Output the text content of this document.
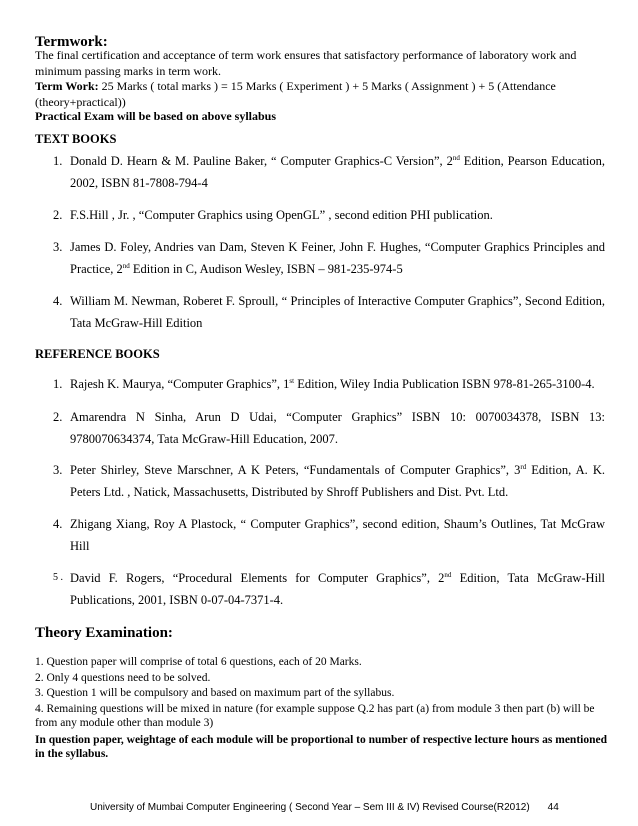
Termwork:
The final certification and acceptance of term work ensures that satisfactory performance of laboratory work and minimum passing marks in term work.
Term Work: 25 Marks ( total marks ) = 15 Marks ( Experiment ) + 5 Marks ( Assignment ) + 5 (Attendance (theory+practical))
Practical Exam will be based on above syllabus
TEXT BOOKS
1. Donald D. Hearn & M. Pauline Baker, “ Computer Graphics-C Version”, 2nd Edition, Pearson Education, 2002, ISBN 81-7808-794-4
2. F.S.Hill , Jr. , “Computer Graphics using OpenGL” , second edition PHI publication.
3. James D. Foley, Andries van Dam, Steven K Feiner, John F. Hughes, “Computer Graphics Principles and Practice, 2nd Edition in C, Audison Wesley, ISBN – 981-235-974-5
4. William M. Newman, Roberet F. Sproull, “ Principles of Interactive Computer Graphics”, Second Edition, Tata McGraw-Hill Edition
REFERENCE BOOKS
1. Rajesh K. Maurya, “Computer Graphics”, 1st Edition, Wiley India Publication ISBN 978-81-265-3100-4.
2. Amarendra N Sinha, Arun D Udai, “Computer Graphics” ISBN 10: 0070034378, ISBN 13: 9780070634374, Tata McGraw-Hill Education, 2007.
3. Peter Shirley, Steve Marschner, A K Peters, “Fundamentals of Computer Graphics”, 3rd Edition, A. K. Peters Ltd. , Natick, Massachusetts, Distributed by Shroff Publishers and Dist. Pvt. Ltd.
4. Zhigang Xiang, Roy A Plastock, “ Computer Graphics”, second edition, Shaum’s Outlines, Tat McGraw Hill
5 . David F. Rogers, “Procedural Elements for Computer Graphics”, 2nd Edition, Tata McGraw-Hill Publications, 2001, ISBN 0-07-04-7371-4.
Theory Examination:
1. Question paper will comprise of total 6 questions, each of 20 Marks.
2. Only 4 questions need to be solved.
3. Question 1 will be compulsory and based on maximum part of the syllabus.
4. Remaining questions will be mixed in nature (for example suppose Q.2 has part (a) from module 3 then part (b) will be from any module other than module 3)
In question paper, weightage of each module will be proportional to number of respective lecture hours as mentioned in the syllabus.
University of Mumbai Computer Engineering ( Second Year – Sem III & IV) Revised Course(R2012) 44
